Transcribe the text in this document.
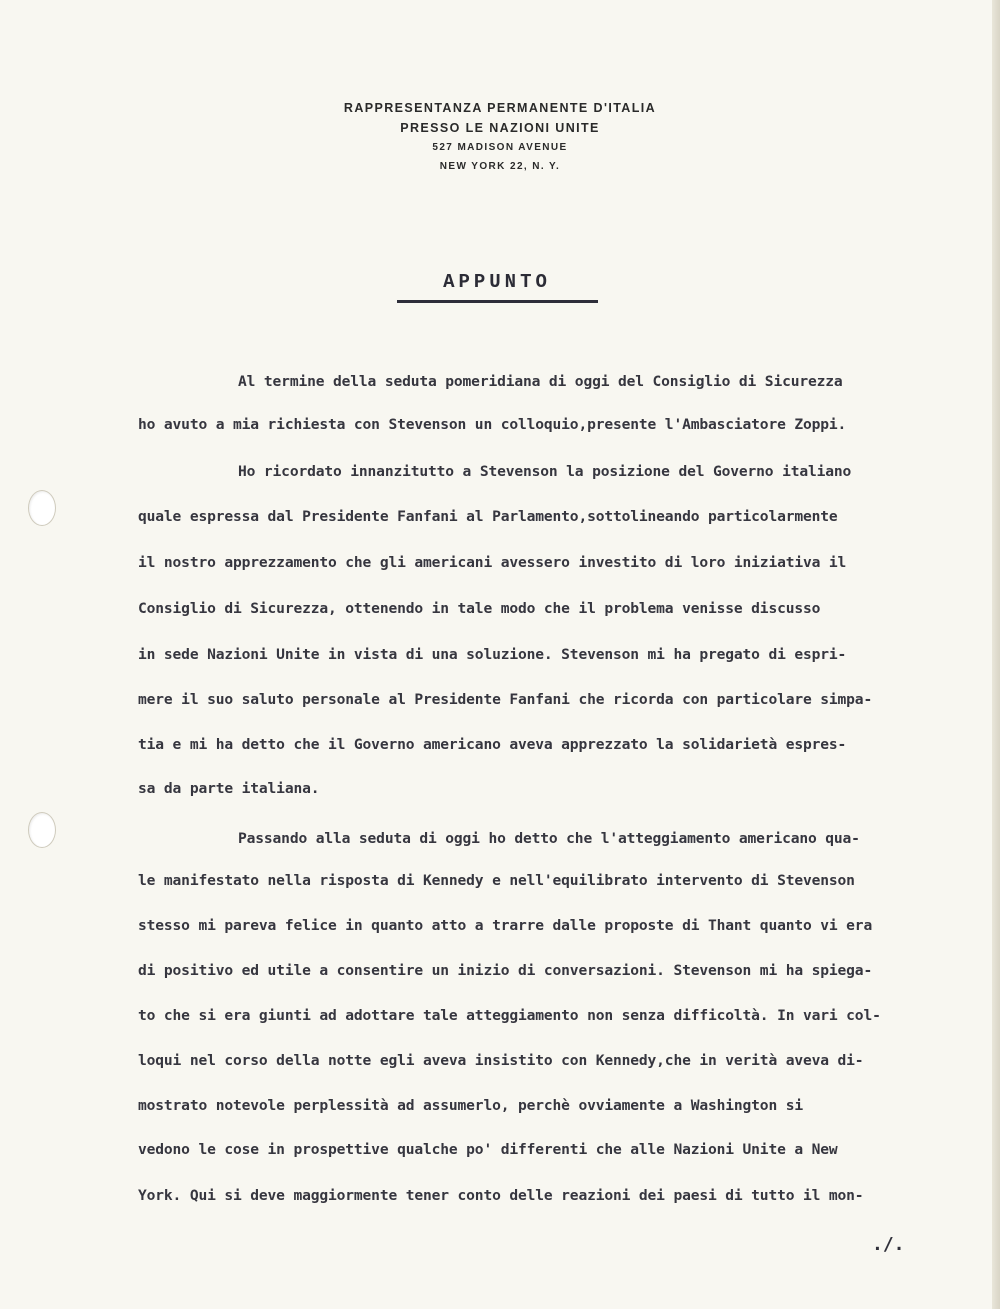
RAPPRESENTANZA PERMANENTE D'ITALIA
PRESSO LE NAZIONI UNITE
527 MADISON AVENUE
NEW YORK 22, N. Y.
APPUNTO
Al termine della seduta pomeridiana di oggi del Consiglio di Sicurezza
ho avuto a mia richiesta con Stevenson un colloquio,presente l'Ambasciatore Zoppi.
Ho ricordato innanzitutto a Stevenson la posizione del Governo italiano
quale espressa dal Presidente Fanfani al Parlamento,sottolineando particolarmente
il nostro apprezzamento che gli americani avessero investito di loro iniziativa il
Consiglio di Sicurezza, ottenendo in tale modo che il problema venisse discusso
in sede Nazioni Unite in vista di una soluzione. Stevenson mi ha pregato di espri-
mere il suo saluto personale al Presidente Fanfani che ricorda con particolare simpa-
tia e mi ha detto che il Governo americano aveva apprezzato la solidarietà espres-
sa da parte italiana.
Passando alla seduta di oggi ho detto che l'atteggiamento americano qua-
le manifestato nella risposta di Kennedy e nell'equilibrato intervento di Stevenson
stesso mi pareva felice in quanto atto a trarre dalle proposte di Thant quanto vi era
di positivo ed utile a consentire un inizio di conversazioni. Stevenson mi ha spiega-
to che si era giunti ad adottare tale atteggiamento non senza difficoltà. In vari col-
loqui nel corso della notte egli aveva insistito con Kennedy,che in verità aveva di-
mostrato notevole perplessità ad assumerlo, perchè ovviamente a Washington si
vedono le cose in prospettive qualche po' differenti che alle Nazioni Unite a New
York. Qui si deve maggiormente tener conto delle reazioni dei paesi di tutto il mon-
./.
